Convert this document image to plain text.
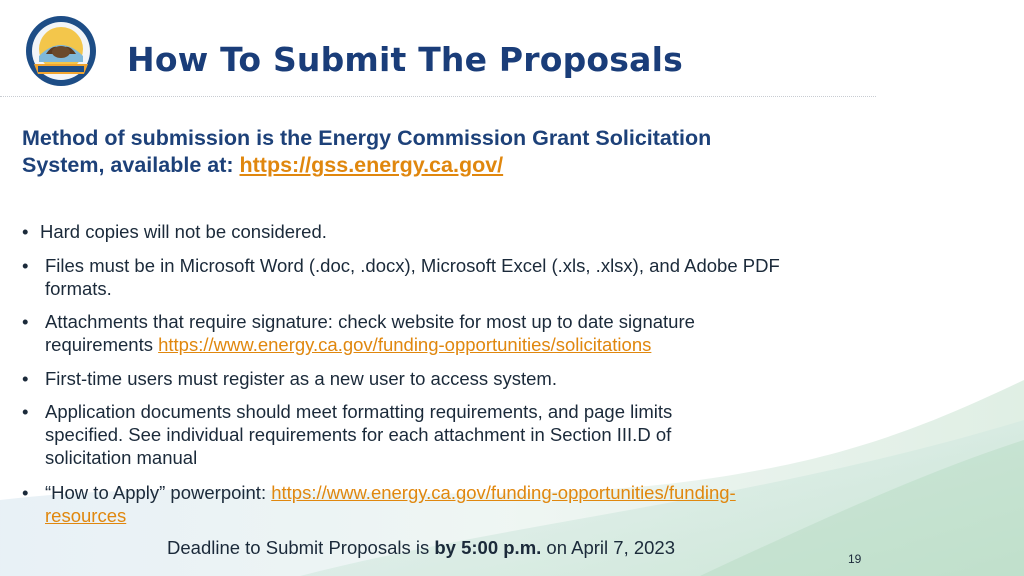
How To Submit The Proposals
Method of submission is the Energy Commission Grant Solicitation
System, available at: https://gss.energy.ca.gov/
• Hard copies will not be considered.
• Files must be in Microsoft Word (.doc, .docx), Microsoft Excel (.xls, .xlsx), and Adobe PDF
formats.
• Attachments that require signature: check website for most up to date signature
requirements https://www.energy.ca.gov/funding-opportunities/solicitations
• First-time users must register as a new user to access system.
• Application documents should meet formatting requirements, and page limits
specified. See individual requirements for each attachment in Section III.D of
solicitation manual
• “How to Apply” powerpoint: https://www.energy.ca.gov/funding-opportunities/funding-
resources
Deadline to Submit Proposals is by 5:00 p.m. on April 7, 2023
19
